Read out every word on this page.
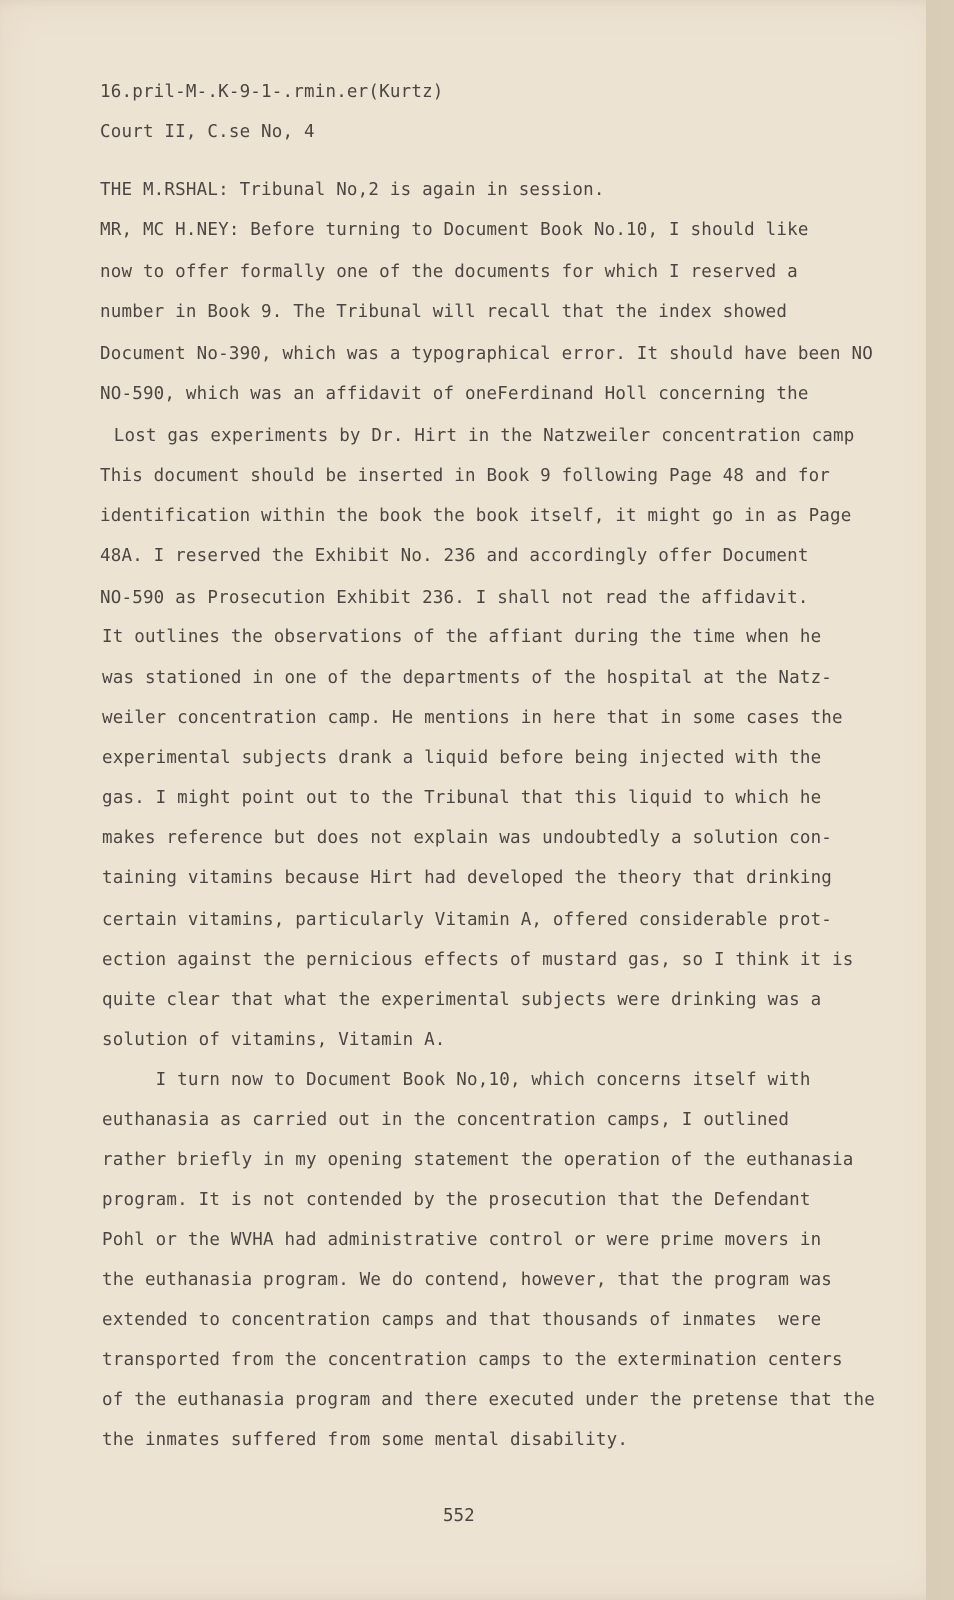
16.pril-M-.K-9-1-.rmin.er(Kurtz)
Court II, C.se No, 4
THE M.RSHAL: Tribunal No,2 is again in session.
MR, MC H.NEY: Before turning to Document Book No.10, I should like
now to offer formally one of the documents for which I reserved a
number in Book 9. The Tribunal will recall that the index showed
Document No-390, which was a typographical error. It should have been NO
NO-590, which was an affidavit of oneFerdinand Holl concerning the
Lost gas experiments by Dr. Hirt in the Natzweiler concentration camp
This document should be inserted in Book 9 following Page 48 and for
identification within the book the book itself, it might go in as Page
48A. I reserved the Exhibit No. 236 and accordingly offer Document
NO-590 as Prosecution Exhibit 236. I shall not read the affidavit.
It outlines the observations of the affiant during the time when he
was stationed in one of the departments of the hospital at the Natz-
weiler concentration camp. He mentions in here that in some cases the
experimental subjects drank a liquid before being injected with the
gas. I might point out to the Tribunal that this liquid to which he
makes reference but does not explain was undoubtedly a solution con-
taining vitamins because Hirt had developed the theory that drinking
certain vitamins, particularly Vitamin A, offered considerable prot-
ection against the pernicious effects of mustard gas, so I think it is
quite clear that what the experimental subjects were drinking was a
solution of vitamins, Vitamin A.
I turn now to Document Book No,10, which concerns itself with
euthanasia as carried out in the concentration camps, I outlined
rather briefly in my opening statement the operation of the euthanasia
program. It is not contended by the prosecution that the Defendant
Pohl or the WVHA had administrative control or were prime movers in
the euthanasia program. We do contend, however, that the program was
extended to concentration camps and that thousands of inmates  were
transported from the concentration camps to the extermination centers
of the euthanasia program and there executed under the pretense that the
the inmates suffered from some mental disability.
552
